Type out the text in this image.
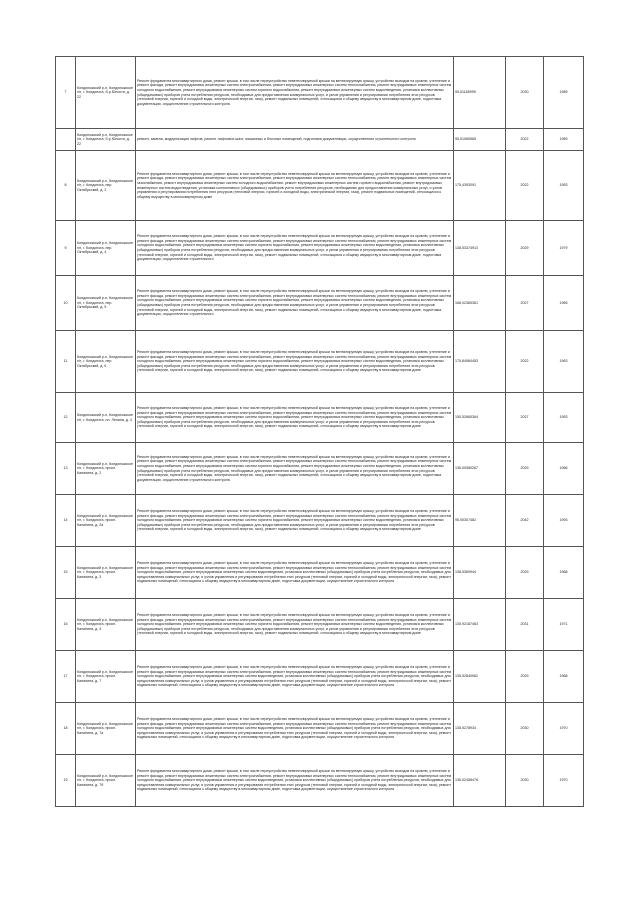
7	Кондопожский р-н, Кондопожское г/п, г. Кондопога, б-р Юности, д. 22	Ремонт фундамента многоквартирного дома, ремонт крыши, в том числе переустройство невентилируемой крыши на вентилируемую крышу, устройство выходов на кровлю, утепление и ремонт фасада, ремонт внутридомовых инженерных систем электроснабжения, ремонт внутридомовых инженерных систем теплоснабжения, ремонт внутридомовых инженерных систем холодного водоснабжения, ремонт внутридомовых инженерных систем горячего водоснабжения, ремонт внутридомовых инженерных систем водоотведения, установка коллективных (общедомовых) приборов учета потребления ресурсов, необходимых для предоставления коммунальных услуг, и узлов управления и регулирования потребления этих ресурсов (тепловой энергии, горячей и холодной воды, электрической энергии, газа), ремонт подвальных помещений, относящихся к общему имуществу в многоквартирном доме, подготовка документации, осуществление строительного контроля	95,51165995	2030	1989
	Кондопожский р-н, Кондопожское г/п, г. Кондопога, б-р Юности, д. 22	ремонт, замена, модернизация лифтов, ремонт лифтовых шахт, машинных и блочных помещений, подготовка документации, осуществление строительного контроля	95,51065565	2022	1989
8	Кондопожский р-н, Кондопожское г/п, г. Кондопога, пер. Октябрьский, д. 2	Ремонт фундамента многоквартирного дома, ремонт крыши, в том числе переустройство невентилируемой крыши на вентилируемую крышу, устройство выходов на кровлю, утепление и ремонт фасада, ремонт внутридомовых инженерных систем электроснабжения, ремонт внутридомовых инженерных систем теплоснабжения, ремонт внутридомовых инженерных систем газоснабжения, ремонт внутридомовых инженерных систем холодного водоснабжения, ремонт внутридомовых инженерных систем горячего водоснабжения, ремонт внутридомовых инженерных систем водоотведения, установка коллективных (общедомовых) приборов учета потребления ресурсов, необходимых для предоставления коммунальных услуг, и узлов управления и регулирования потребления этих ресурсов (тепловой энергии, горячей и холодной воды, электрической энергии, газа), ремонт подвальных помещений, относящихся к общему имуществу в многоквартирном доме	175,4393091	2022	1953
9	Кондопожский р-н, Кондопожское г/п, г. Кондопога, пер. Октябрьский, д. 4	Ремонт фундамента многоквартирного дома, ремонт крыши, в том числе переустройство невентилируемой крыши на вентилируемую крышу, устройство выходов на кровлю, утепление и ремонт фасада, ремонт внутридомовых инженерных систем электроснабжения, ремонт внутридомовых инженерных систем теплоснабжения, ремонт внутридомовых инженерных систем холодного водоснабжения, ремонт внутридомовых инженерных систем горячего водоснабжения, ремонт внутридомовых инженерных систем водоотведения, установка коллективных (общедомовых) приборов учета потребления ресурсов, необходимых для предоставления коммунальных услуг, и узлов управления и регулирования потребления этих ресурсов (тепловой энергии, горячей и холодной воды, электрической энергии, газа), ремонт подвальных помещений, относящихся к общему имуществу в многоквартирном доме, подготовка документации, осуществление строительного	138,53374913	2029	1979
10	Кондопожский р-н, Кондопожское г/п, г. Кондопога, пер. Октябрьский, д. 5	Ремонт фундамента многоквартирного дома, ремонт крыши, в том числе переустройство невентилируемой крыши на вентилируемую крышу, устройство выходов на кровлю, утепление и ремонт фасада, ремонт внутридомовых инженерных систем электроснабжения, ремонт внутридомовых инженерных систем теплоснабжения, ремонт внутридомовых инженерных систем холодного водоснабжения, ремонт внутридомовых инженерных систем горячего водоснабжения, ремонт внутридомовых инженерных систем водоотведения, установка коллективных (общедомовых) приборов учета потребления ресурсов, необходимых для предоставления коммунальных услуг, и узлов управления и регулирования потребления этих ресурсов (тепловой энергии, горячей и холодной воды, электрической энергии, газа), ремонт подвальных помещений, относящихся к общему имуществу в многоквартирном доме, подготовка документации, осуществление строительного	168,02365361	2027	1965
11	Кондопожский р-н, Кондопожское г/п, г. Кондопога, пер. Октябрьский, д. 6	Ремонт фундамента многоквартирного дома, ремонт крыши, в том числе переустройство невентилируемой крыши на вентилируемую крышу, устройство выходов на кровлю, утепление и ремонт фасада, ремонт внутридомовых инженерных систем электроснабжения, ремонт внутридомовых инженерных систем теплоснабжения, ремонт внутридомовых инженерных систем холодного водоснабжения, ремонт внутридомовых инженерных систем горячего водоснабжения, ремонт внутридомовых инженерных систем водоотведения, установка коллективных (общедомовых) приборов учета потребления ресурсов, необходимых для предоставления коммунальных услуг, и узлов управления и регулирования потребления этих ресурсов (тепловой энергии, горячей и холодной воды, электрической энергии, газа), ремонт подвальных помещений, относящихся к общему имуществу в многоквартирном доме	175,84984453	2022	1963
12	Кондопожский р-н, Кондопожское г/п, г. Кондопога, пл. Ленина, д. 3	Ремонт фундамента многоквартирного дома, ремонт крыши, в том числе переустройство невентилируемой крыши на вентилируемую крышу, устройство выходов на кровлю, утепление и ремонт фасада, ремонт внутридомовых инженерных систем электроснабжения, ремонт внутридомовых инженерных систем теплоснабжения, ремонт внутридомовых инженерных систем холодного водоснабжения, ремонт внутридомовых инженерных систем горячего водоснабжения, ремонт внутридомовых инженерных систем водоотведения, установка коллективных (общедомовых) приборов учета потребления ресурсов, необходимых для предоставления коммунальных услуг, и узлов управления и регулирования потребления этих ресурсов (тепловой энергии, горячей и холодной воды, электрической энергии, газа), ремонт подвальных помещений, относящихся к общему имуществу в многоквартирном доме	155,52665364	2027	1953
13	Кондопожский р-н, Кондопожское г/п, г. Кондопога, просп. Калинина, д. 2	Ремонт фундамента многоквартирного дома, ремонт крыши, в том числе переустройство невентилируемой крыши на вентилируемую крышу, устройство выходов на кровлю, утепление и ремонт фасада, ремонт внутридомовых инженерных систем электроснабжения, ремонт внутридомовых инженерных систем теплоснабжения, ремонт внутридомовых инженерных систем холодного водоснабжения, ремонт внутридомовых инженерных систем горячего водоснабжения, ремонт внутридомовых инженерных систем водоотведения, установка коллективных (общедомовых) приборов учета потребления ресурсов, необходимых для предоставления коммунальных услуг, и узлов управления и регулирования потребления этих ресурсов (тепловой энергии, горячей и холодной воды, электрической энергии, газа), ремонт подвальных помещений, относящихся к общему имуществу в многоквартирном доме, подготовка документации, осуществление строительного контроля	136,09380267	2029	1966
14	Кондопожский р-н, Кондопожское г/п, г. Кондопога, просп. Калинина, д. 2а	Ремонт фундамента многоквартирного дома, ремонт крыши, в том числе переустройство невентилируемой крыши на вентилируемую крышу, устройство выходов на кровлю, утепление и ремонт фасада, ремонт внутридомовых инженерных систем электроснабжения, ремонт внутридомовых инженерных систем теплоснабжения, ремонт внутридомовых инженерных систем холодного водоснабжения, ремонт внутридомовых инженерных систем горячего водоснабжения, ремонт внутридомовых инженерных систем водоотведения, установка коллективных (общедомовых) приборов учета потребления ресурсов, необходимых для предоставления коммунальных услуг, и узлов управления и регулирования потребления этих ресурсов (тепловой энергии, горячей и холодной воды, электрической энергии, газа), ремонт подвальных помещений, относящихся к общему имуществу в многоквартирном доме	95,50307482	2042	1993
15	Кондопожский р-н, Кондопожское г/п, г. Кондопога, просп. Калинина, д. 3	Ремонт фундамента многоквартирного дома, ремонт крыши, в том числе переустройство невентилируемой крыши на вентилируемую крышу, устройство выходов на кровлю, утепление и ремонт фасада, ремонт внутридомовых инженерных систем электроснабжения, ремонт внутридомовых инженерных систем теплоснабжения, ремонт внутридомовых инженерных систем холодного водоснабжения, ремонт внутридомовых инженерных систем водоотведения, установка коллективных (общедомовых) приборов учета потребления ресурсов, необходимых для предоставления коммунальных услуг, и узлов управления и регулирования потребления этих ресурсов (тепловой энергии, горячей и холодной воды, электрической энергии, газа), ремонт подвальных помещений, относящихся к общему имуществу в многоквартирном доме, подготовка документации, осуществление строительного контроля	138,5369944	2029	1968
16	Кондопожский р-н, Кондопожское г/п, г. Кондопога, просп. Калинина, д. 4	Ремонт фундамента многоквартирного дома, ремонт крыши, в том числе переустройство невентилируемой крыши на вентилируемую крышу, устройство выходов на кровлю, утепление и ремонт фасада, ремонт внутридомовых инженерных систем электроснабжения, ремонт внутридомовых инженерных систем теплоснабжения, ремонт внутридомовых инженерных систем холодного водоснабжения, ремонт внутридомовых инженерных систем горячего водоснабжения, ремонт внутридомовых инженерных систем водоотведения, установка коллективных (общедомовых) приборов учета потребления ресурсов, необходимых для предоставления коммунальных услуг, и узлов управления и регулирования потребления этих ресурсов (тепловой энергии, горячей и холодной воды, электрической энергии, газа), ремонт подвальных помещений, относящихся к общему имуществу в многоквартирном доме	135,92187463	2031	1971
17	Кондопожский р-н, Кондопожское г/п, г. Кондопога, просп. Калинина, д. 7	Ремонт фундамента многоквартирного дома, ремонт крыши, в том числе переустройство невентилируемой крыши на вентилируемую крышу, устройство выходов на кровлю, утепление и ремонт фасада, ремонт внутридомовых инженерных систем электроснабжения, ремонт внутридомовых инженерных систем теплоснабжения, ремонт внутридомовых инженерных систем холодного водоснабжения, ремонт внутридомовых инженерных систем водоотведения, установка коллективных (общедомовых) приборов учета потребления ресурсов, необходимых для предоставления коммунальных услуг, и узлов управления и регулирования потребления этих ресурсов (тепловой энергии, горячей и холодной воды, электрической энергии, газа), ремонт подвальных помещений, относящихся к общему имуществу в многоквартирном доме, подготовка документации, осуществление строительного контроля	135,52840562	2029	1968
18	Кондопожский р-н, Кондопожское г/п, г. Кондопога, просп. Калинина, д. 7а	Ремонт фундамента многоквартирного дома, ремонт крыши, в том числе переустройство невентилируемой крыши на вентилируемую крышу, устройство выходов на кровлю, утепление и ремонт фасада, ремонт внутридомовых инженерных систем электроснабжения, ремонт внутридомовых инженерных систем теплоснабжения, ремонт внутридомовых инженерных систем холодного водоснабжения, ремонт внутридомовых инженерных систем водоотведения, установка коллективных (общедомовых) приборов учета потребления ресурсов, необходимых для предоставления коммунальных услуг, и узлов управления и регулирования потребления этих ресурсов (тепловой энергии, горячей и холодной воды, электрической энергии, газа), ремонт подвальных помещений, относящихся к общему имуществу в многоквартирном доме, подготовка документации, осуществление строительного контроля	135,5278934	2030	1970
19	Кондопожский р-н, Кондопожское г/п, г. Кондопога, просп. Калинина, д. 7б	Ремонт фундамента многоквартирного дома, ремонт крыши, в том числе переустройство невентилируемой крыши на вентилируемую крышу, устройство выходов на кровлю, утепление и ремонт фасада, ремонт внутридомовых инженерных систем электроснабжения, ремонт внутридомовых инженерных систем теплоснабжения, ремонт внутридомовых инженерных систем холодного водоснабжения, ремонт внутридомовых инженерных систем водоотведения, установка коллективных (общедомовых) приборов учета потребления ресурсов, необходимых для предоставления коммунальных услуг, и узлов управления и регулирования потребления этих ресурсов (тепловой энергии, горячей и холодной воды, электрической энергии, газа), ремонт подвальных помещений, относящихся к общему имуществу в многоквартирном доме, подготовка документации, осуществление строительного контроля	136,02458476	2030	1970
